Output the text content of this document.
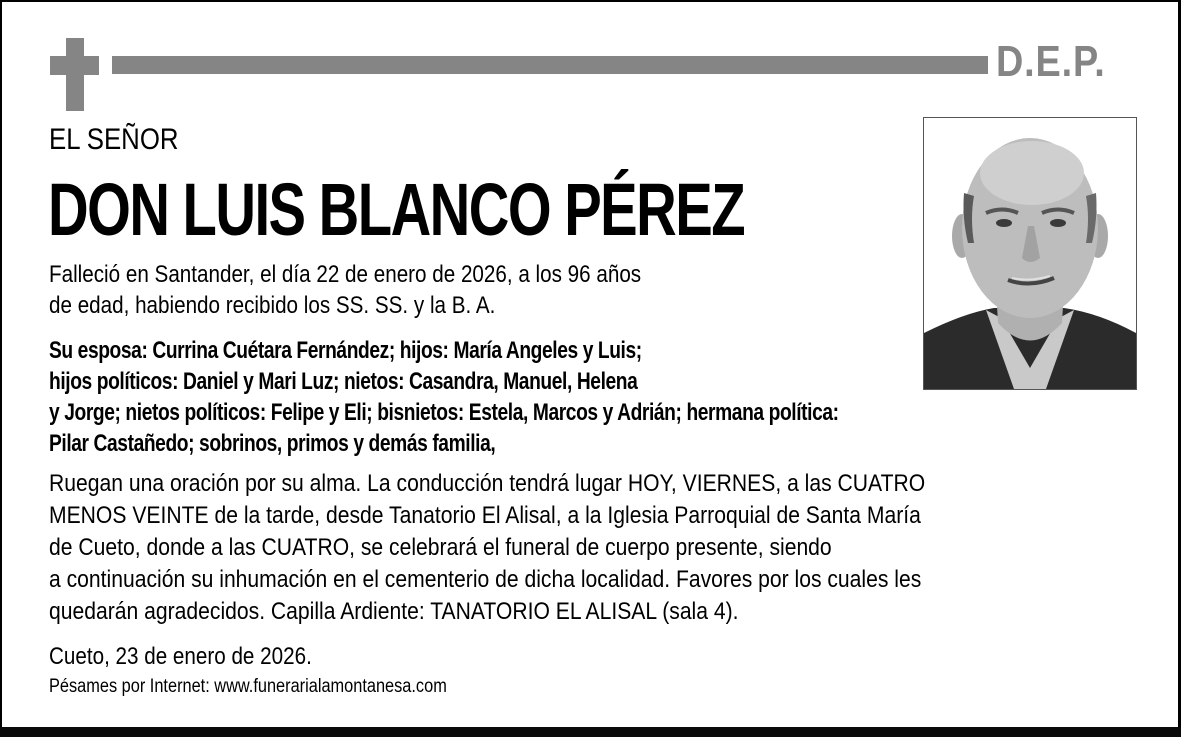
D.E.P.
EL SEÑOR
DON LUIS BLANCO PÉREZ
Falleció en Santander, el día 22 de enero de 2026, a los 96 años
de edad, habiendo recibido los SS. SS. y la B. A.
Su esposa: Currina Cuétara Fernández; hijos: María Angeles y Luis;
hijos políticos: Daniel y Mari Luz; nietos: Casandra, Manuel, Helena
y Jorge; nietos políticos: Felipe y Eli; bisnietos: Estela, Marcos y Adrián; hermana política:
Pilar Castañedo; sobrinos, primos y demás familia,
Ruegan una oración por su alma. La conducción tendrá lugar HOY, VIERNES, a las CUATRO
MENOS VEINTE de la tarde, desde Tanatorio El Alisal, a la Iglesia Parroquial de Santa María
de Cueto, donde a las CUATRO, se celebrará el funeral de cuerpo presente, siendo
a continuación su inhumación en el cementerio de dicha localidad. Favores por los cuales les
quedarán agradecidos. Capilla Ardiente: TANATORIO EL ALISAL (sala 4).
Cueto, 23 de enero de 2026.
Pésames por Internet: www.funerarialamontanesa.com
